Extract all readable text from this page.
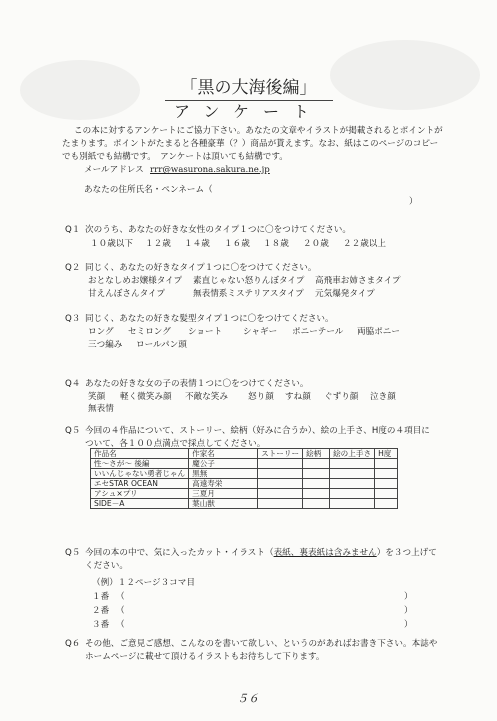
「黒の大海後編」
アンケート
この本に対するアンケートにご協力下さい。あなたの文章やイラストが掲載されるとポイントが
たまります。ポイントがたまると各種豪華（？）商品が貰えます。なお、紙はこのページのコピー
でも別紙でも結構です。　アンケートは頂いても結構です。
メールアドレス rrr@wasurona.sakura.ne.jp
あなたの住所氏名・ペンネーム（
）
Q１ 次のうち、あなたの好きな女性のタイプ１つに〇をつけてください。
１０歳以下 １２歳 １４歳 １６歳 １８歳 ２０歳 ２２歳以上
Q２ 同じく、あなたの好きなタイプ１つに〇をつけてください。
おとなしめお嬢様タイプ 素直じゃない怒りんぼタイプ 高飛車お姉さまタイプ
甘えんぼさんタイプ	無表情系ミステリアスタイプ 元気爆発タイプ
Q３ 同じく、あなたの好きな髪型タイプ１つに〇をつけてください。
ロング セミロング ショート シャギー ポニーテール 両脇ポニー
三つ編み ロールパン頭
Q４ あなたの好きな女の子の表情１つに〇をつけてください。
笑顔 軽く微笑み顔 不敵な笑み 怒り顔 すね顔 ぐずり顔 泣き顔
無表情
Q５ 今回の４作品について、ストーリー、絵柄（好みに合うか）、絵の上手さ、H度の４項目に
ついて、各１００点満点で採点してください。
作品名	作家名	ストーリー	絵柄	絵の上手さ	H度
性～さが～ 後編	魔公子				
いいんじゃない勇者じゃん	黒無				
エセSTAR OCEAN	高遠寿栄				
アシュ×プリ	三夏月				
SIDE－A	葉山獣				
Q５ 今回の本の中で、気に入ったカット・イラスト（表紙、裏表紙は含みません）を３つ上げて
ください。
（例）１２ページ３コマ目
１番 （	）
２番 （	）
３番 （	）
Q６ その他、ご意見ご感想、こんなのを書いて欲しい、というのがあればお書き下さい。本誌や
ホームページに載せて頂けるイラストもお待ちして下ります。
５６
